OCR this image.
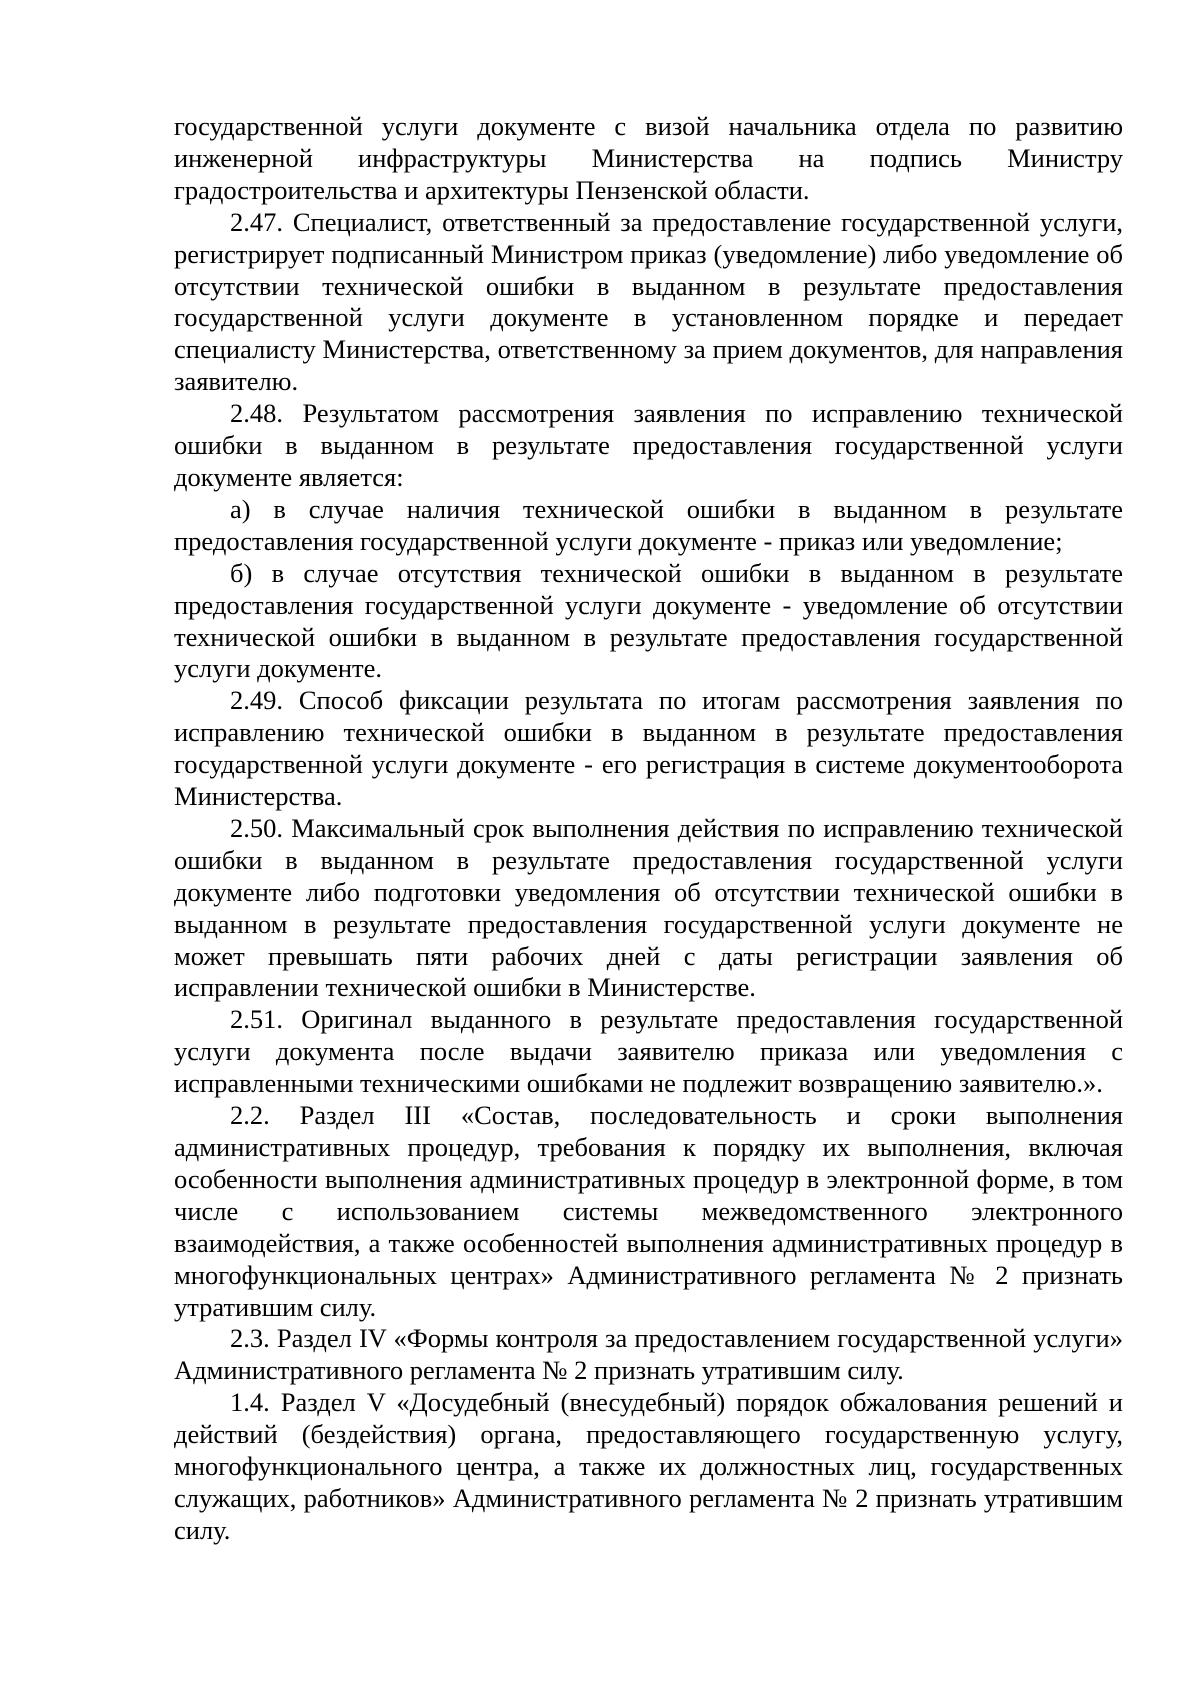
государственной услуги документе с визой начальника отдела по развитию инженерной инфраструктуры Министерства на подпись Министру градостроительства и архитектуры Пензенской области.

2.47. Специалист, ответственный за предоставление государственной услуги, регистрирует подписанный Министром приказ (уведомление) либо уведомление об отсутствии технической ошибки в выданном в результате предоставления государственной услуги документе в установленном порядке и передает специалисту Министерства, ответственному за прием документов, для направления заявителю.

2.48. Результатом рассмотрения заявления по исправлению технической ошибки в выданном в результате предоставления государственной услуги документе является:

а) в случае наличия технической ошибки в выданном в результате предоставления государственной услуги документе - приказ или уведомление;

б) в случае отсутствия технической ошибки в выданном в результате предоставления государственной услуги документе - уведомление об отсутствии технической ошибки в выданном в результате предоставления государственной услуги документе.

2.49. Способ фиксации результата по итогам рассмотрения заявления по исправлению технической ошибки в выданном в результате предоставления государственной услуги документе - его регистрация в системе документооборота Министерства.

2.50. Максимальный срок выполнения действия по исправлению технической ошибки в выданном в результате предоставления государственной услуги документе либо подготовки уведомления об отсутствии технической ошибки в выданном в результате предоставления государственной услуги документе не может превышать пяти рабочих дней с даты регистрации заявления об исправлении технической ошибки в Министерстве.

2.51. Оригинал выданного в результате предоставления государственной услуги документа после выдачи заявителю приказа или уведомления с исправленными техническими ошибками не подлежит возвращению заявителю.».

2.2. Раздел III «Состав, последовательность и сроки выполнения административных процедур, требования к порядку их выполнения, включая особенности выполнения административных процедур в электронной форме, в том числе с использованием системы межведомственного электронного взаимодействия, а также особенностей выполнения административных процедур в многофункциональных центрах» Административного регламента № 2 признать утратившим силу.

2.3. Раздел IV «Формы контроля за предоставлением государственной услуги» Административного регламента № 2 признать утратившим силу.

1.4. Раздел V «Досудебный (внесудебный) порядок обжалования решений и действий (бездействия) органа, предоставляющего государственную услугу, многофункционального центра, а также их должностных лиц, государственных служащих, работников» Административного регламента № 2 признать утратившим силу.
